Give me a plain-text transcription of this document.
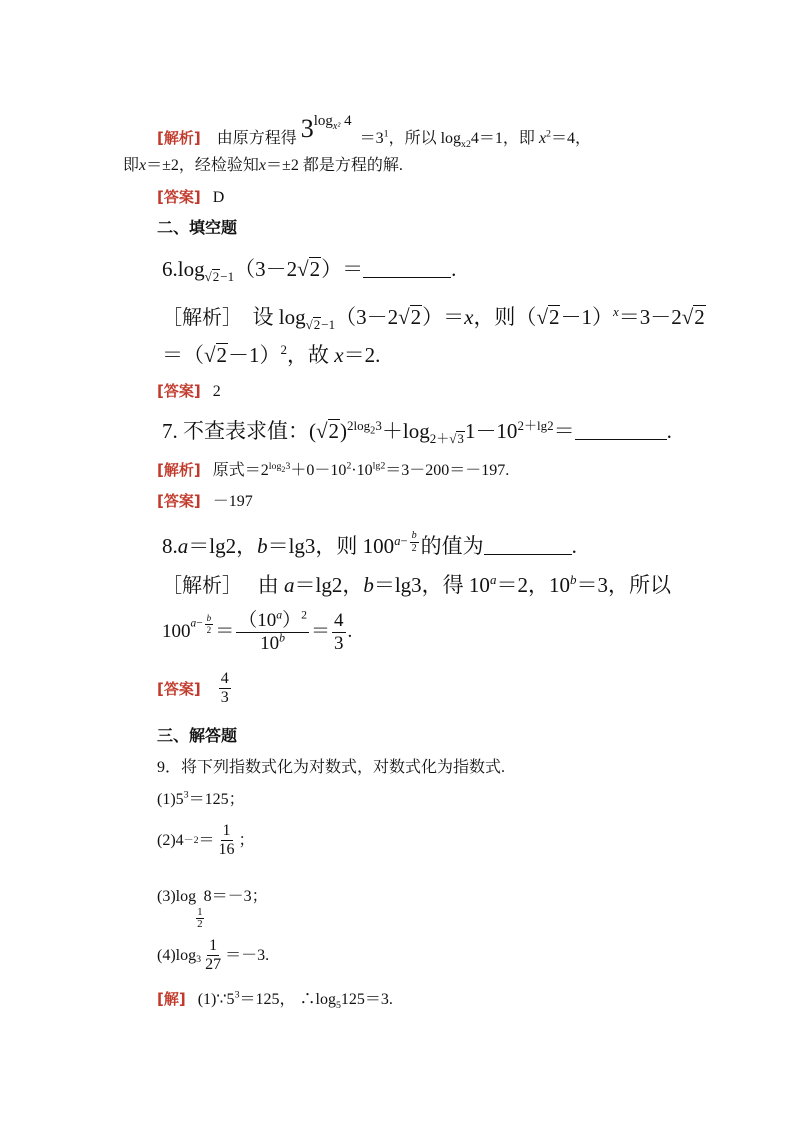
[解析] 由原方程得 $3\log_{x^2}$ $4 =3^1$，所以 $\log_{x2}4=1$，即 $x^2=4$，
即x＝±2，经检验知x＝±2 都是方程的解.
[答案] D
二、填空题
$6.\log_{√2-1}(3-2√2)=$	.
［解析］ 设 $\log_{√2-1}(3-2√2)=x$，则$(√2-1)^x=3-2√2$
$=(√2-1)^2$，故 x＝2.
[答案] 2
7. 不查表求值：$(√2)^{2log_23}+\log_{2+√3}1-10^{2+lg2}=$	.
[解析] 原式$=2^{log_23}+0-10^2\cdot 10^{lg2}=3-200=-197$.
[答案] －197
8.a＝lg2，b＝lg3，则 $100^{a- \frac{b}{2}}$ 的值为	.
［解析］ 由 a＝lg2，b＝lg3，得 $10^a=2$，$10^b=3$，所以
100 $^{a- \frac{b}{2}} = \frac{(10^a)^2}{10^b} = \frac{4}{3}$ .
[答案]
$\frac{4}{3}$
三、解答题
9．将下列指数式化为对数式，对数式化为指数式.
$(1)5^3=125$；
$(2)4 -2 = \frac{1}{16}$ ；
(3)log
$\frac{1}{2}$
8＝－3；
$(4)\log_3 \frac{1}{27} =-3$.
[解] $(1)\because 5^3=125$， $\therefore\log_5125=3$.
